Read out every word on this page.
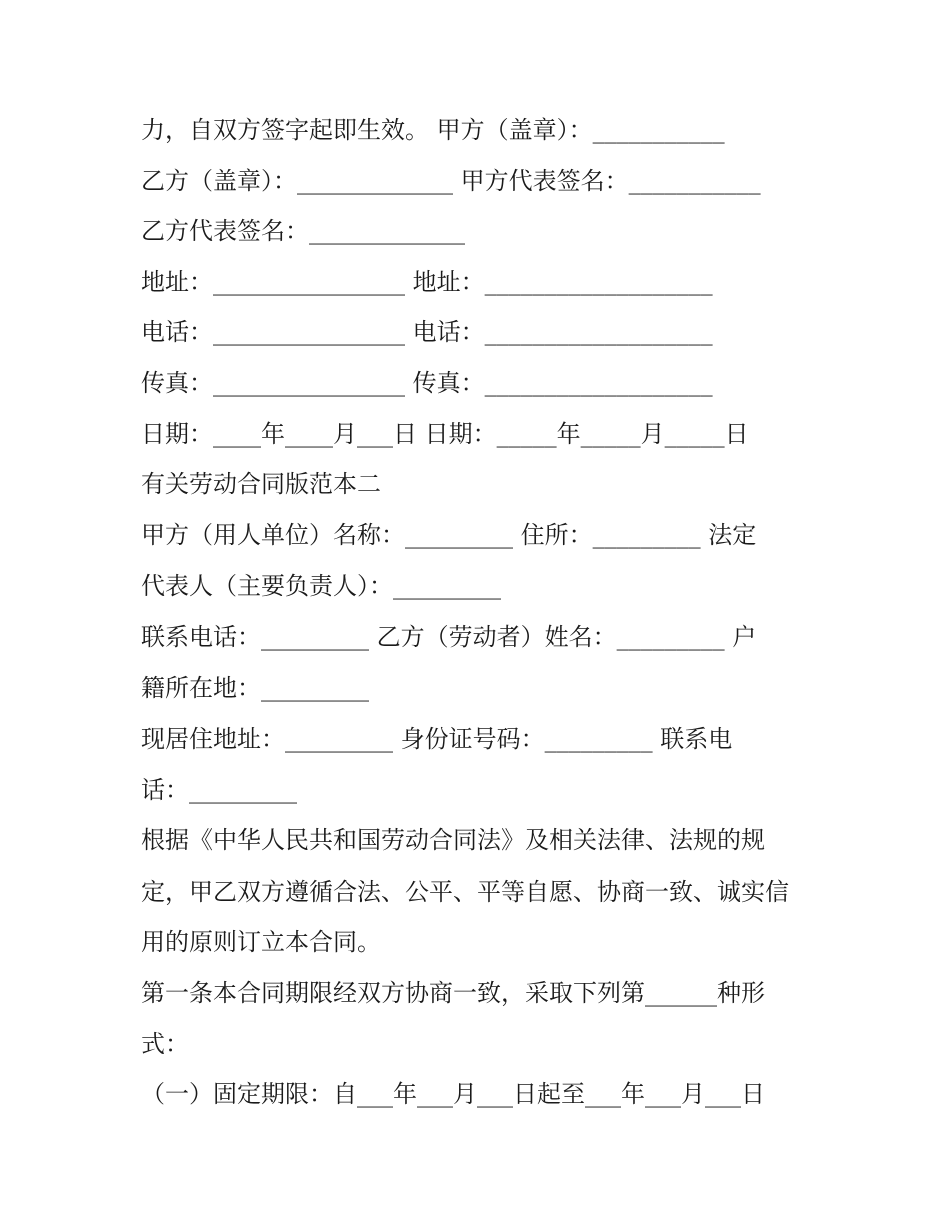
力，自双方签字起即生效。 甲方（盖章）：___________
乙方（盖章）：_____________ 甲方代表签名：___________
乙方代表签名：_____________
地址：________________ 地址：___________________
电话：________________ 电话：___________________
传真：________________ 传真：___________________
日期：____年____月___日 日期：_____年_____月_____日
有关劳动合同版范本二
甲方（用人单位）名称：_________ 住所：_________ 法定
代表人（主要负责人）：_________
联系电话：_________ 乙方（劳动者）姓名：_________ 户
籍所在地：_________
现居住地址：_________ 身份证号码：_________ 联系电
话：_________
根据《中华人民共和国劳动合同法》及相关法律、法规的规
定，甲乙双方遵循合法、公平、平等自愿、协商一致、诚实信
用的原则订立本合同。
第一条本合同期限经双方协商一致，采取下列第______种形
式：
（一）固定期限：自___年___月___日起至___年___月___日
